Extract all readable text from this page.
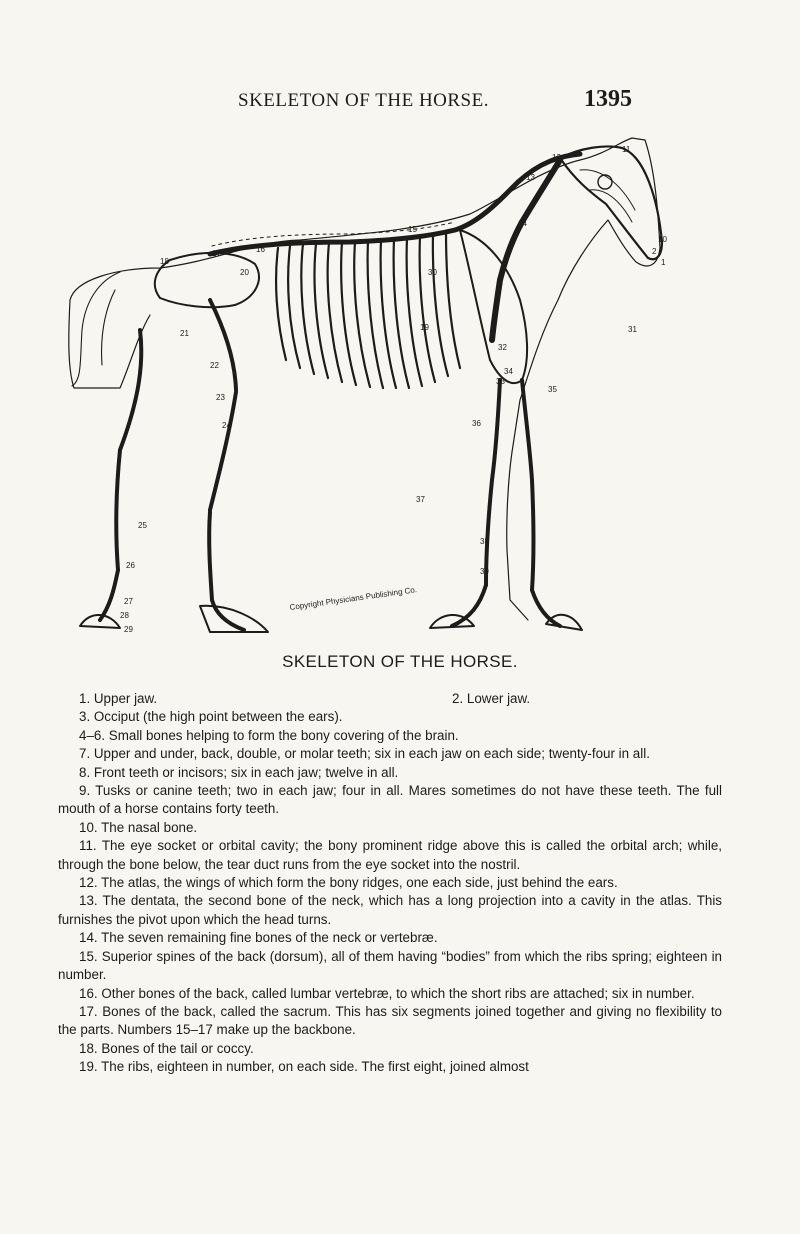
SKELETON OF THE HORSE.	1395
Copyright Physicians Publishing Co.
1
2
10
11
12
13
14
15
16
17
18
19
20
21
22
23
24
25
26
27
28
29
30
31
32
33
34
35
36
37
38
39
SKELETON OF THE HORSE.
1. Upper jaw.	2. Lower jaw.

3. Occiput (the high point between the ears).

4–6. Small bones helping to form the bony covering of the brain.

7. Upper and under, back, double, or molar teeth; six in each jaw on each side; twenty-four in all.

8. Front teeth or incisors; six in each jaw; twelve in all.

9. Tusks or canine teeth; two in each jaw; four in all. Mares sometimes do not have these teeth. The full mouth of a horse contains forty teeth.

10. The nasal bone.

11. The eye socket or orbital cavity; the bony prominent ridge above this is called the orbital arch; while, through the bone below, the tear duct runs from the eye socket into the nostril.

12. The atlas, the wings of which form the bony ridges, one each side, just behind the ears.

13. The dentata, the second bone of the neck, which has a long projection into a cavity in the atlas. This furnishes the pivot upon which the head turns.

14. The seven remaining fine bones of the neck or vertebræ.

15. Superior spines of the back (dorsum), all of them having “bodies” from which the ribs spring; eighteen in number.

16. Other bones of the back, called lumbar vertebræ, to which the short ribs are attached; six in number.

17. Bones of the back, called the sacrum. This has six segments joined together and giving no flexibility to the parts. Numbers 15–17 make up the backbone.

18. Bones of the tail or coccy.

19. The ribs, eighteen in number, on each side. The first eight, joined almost
